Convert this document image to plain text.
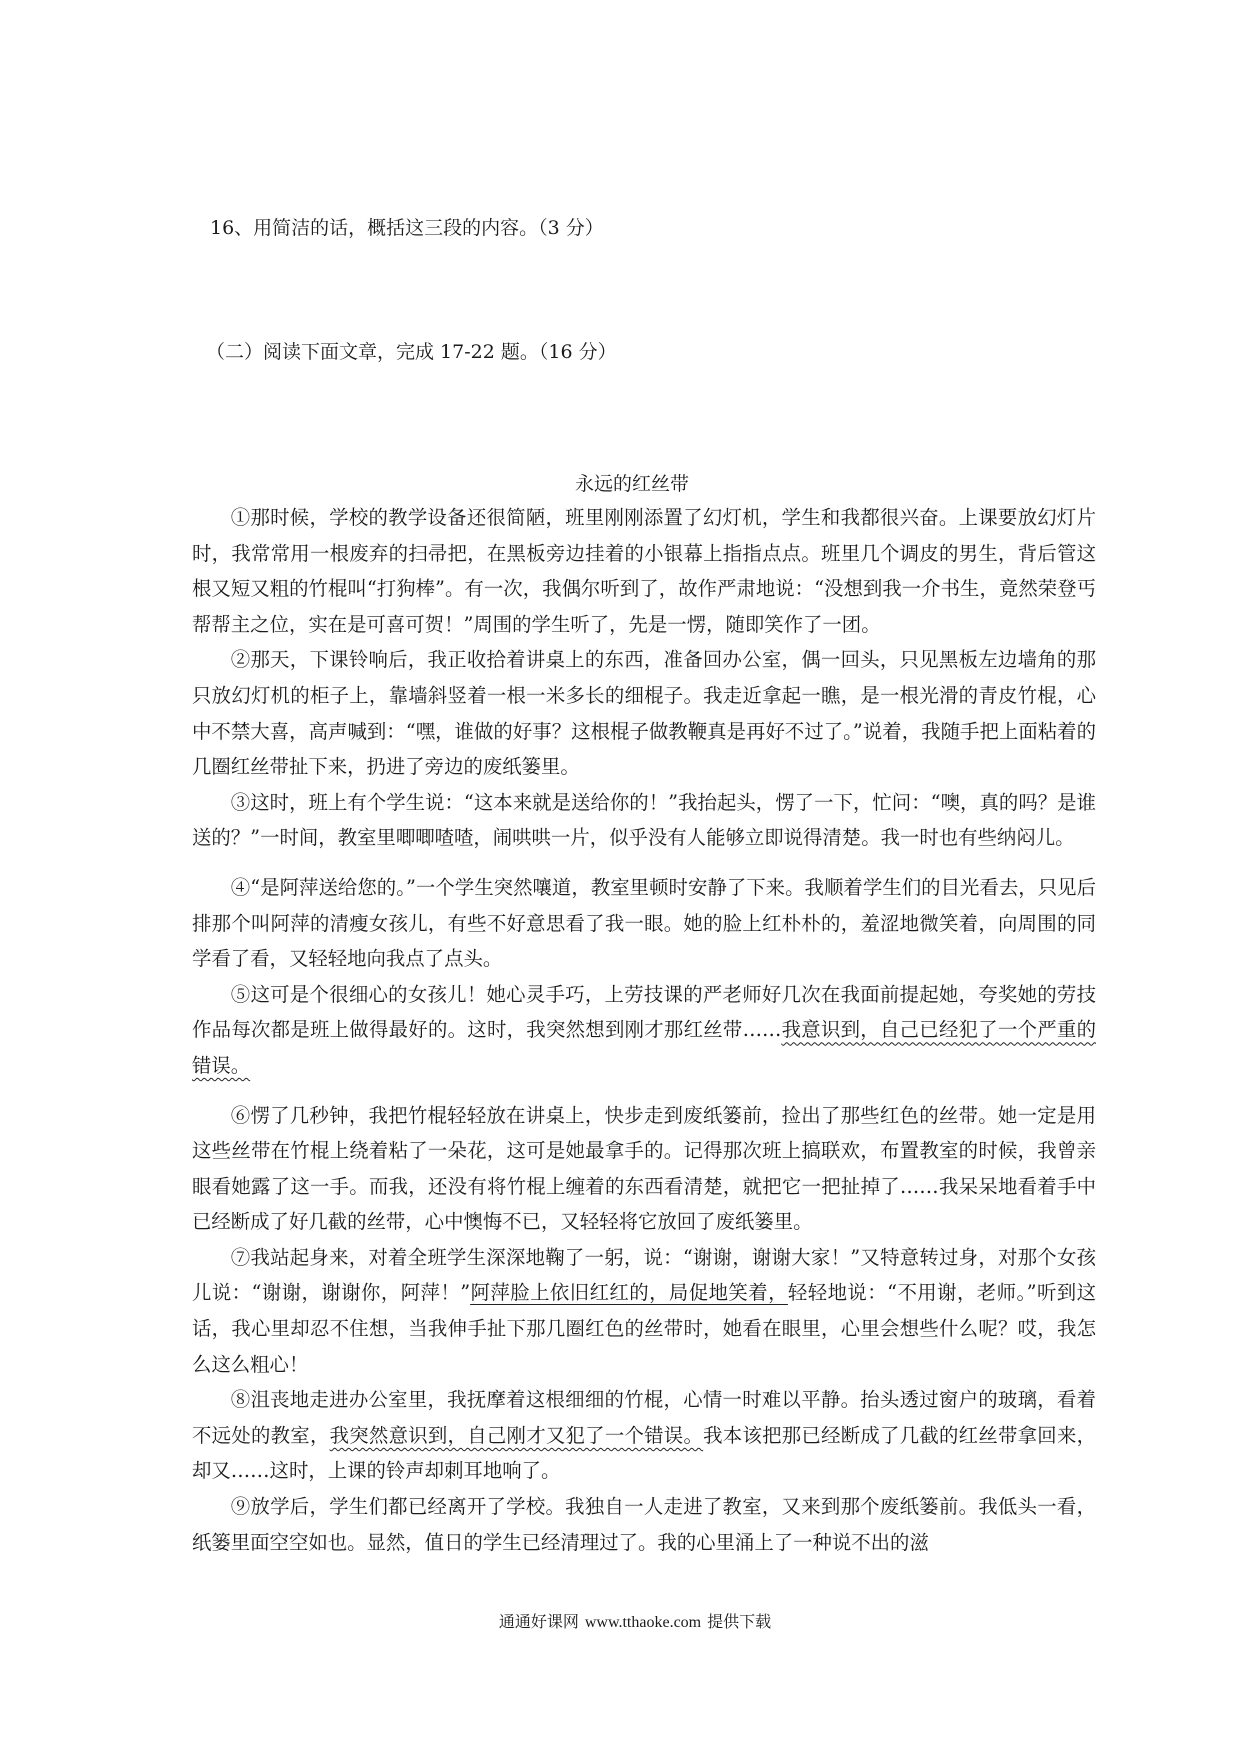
16、用简洁的话，概括这三段的内容。（3 分）
（二）阅读下面文章，完成 17-22 题。（16 分）
永远的红丝带

①那时候，学校的教学设备还很简陋，班里刚刚添置了幻灯机，学生和我都很兴奋。上课要放幻灯片时，我常常用一根废弃的扫帚把，在黑板旁边挂着的小银幕上指指点点。班里几个调皮的男生，背后管这根又短又粗的竹棍叫“打狗棒”。有一次，我偶尔听到了，故作严肃地说：“没想到我一介书生，竟然荣登丐帮帮主之位，实在是可喜可贺！”周围的学生听了，先是一愣，随即笑作了一团。

②那天，下课铃响后，我正收拾着讲桌上的东西，准备回办公室，偶一回头，只见黑板左边墙角的那只放幻灯机的柜子上，靠墙斜竖着一根一米多长的细棍子。我走近拿起一瞧，是一根光滑的青皮竹棍，心中不禁大喜，高声喊到：“嘿，谁做的好事？这根棍子做教鞭真是再好不过了。”说着，我随手把上面粘着的几圈红丝带扯下来，扔进了旁边的废纸篓里。

③这时，班上有个学生说：“这本来就是送给你的！”我抬起头，愣了一下，忙问：“噢，真的吗？是谁送的？”一时间，教室里唧唧喳喳，闹哄哄一片，似乎没有人能够立即说得清楚。我一时也有些纳闷儿。

④“是阿萍送给您的。”一个学生突然嚷道，教室里顿时安静了下来。我顺着学生们的目光看去，只见后排那个叫阿萍的清瘦女孩儿，有些不好意思看了我一眼。她的脸上红朴朴的，羞涩地微笑着，向周围的同学看了看，又轻轻地向我点了点头。

⑤这可是个很细心的女孩儿！她心灵手巧，上劳技课的严老师好几次在我面前提起她，夸奖她的劳技作品每次都是班上做得最好的。这时，我突然想到刚才那红丝带……我意识到，自己已经犯了一个严重的错误。

⑥愣了几秒钟，我把竹棍轻轻放在讲桌上，快步走到废纸篓前，捡出了那些红色的丝带。她一定是用这些丝带在竹棍上绕着粘了一朵花，这可是她最拿手的。记得那次班上搞联欢，布置教室的时候，我曾亲眼看她露了这一手。而我，还没有将竹棍上缠着的东西看清楚，就把它一把扯掉了……我呆呆地看着手中已经断成了好几截的丝带，心中懊悔不已，又轻轻将它放回了废纸篓里。

⑦我站起身来，对着全班学生深深地鞠了一躬，说：“谢谢，谢谢大家！”又特意转过身，对那个女孩儿说：“谢谢，谢谢你，阿萍！”阿萍脸上依旧红红的，局促地笑着，轻轻地说：“不用谢，老师。”听到这话，我心里却忍不住想，当我伸手扯下那几圈红色的丝带时，她看在眼里，心里会想些什么呢？哎，我怎么这么粗心！

⑧沮丧地走进办公室里，我抚摩着这根细细的竹棍，心情一时难以平静。抬头透过窗户的玻璃，看着不远处的教室，我突然意识到，自己刚才又犯了一个错误。我本该把那已经断成了几截的红丝带拿回来，却又……这时，上课的铃声却刺耳地响了。

⑨放学后，学生们都已经离开了学校。我独自一人走进了教室，又来到那个废纸篓前。我低头一看，纸篓里面空空如也。显然，值日的学生已经清理过了。我的心里涌上了一种说不出的滋

通通好课网 www.tthaoke.com 提供下载
